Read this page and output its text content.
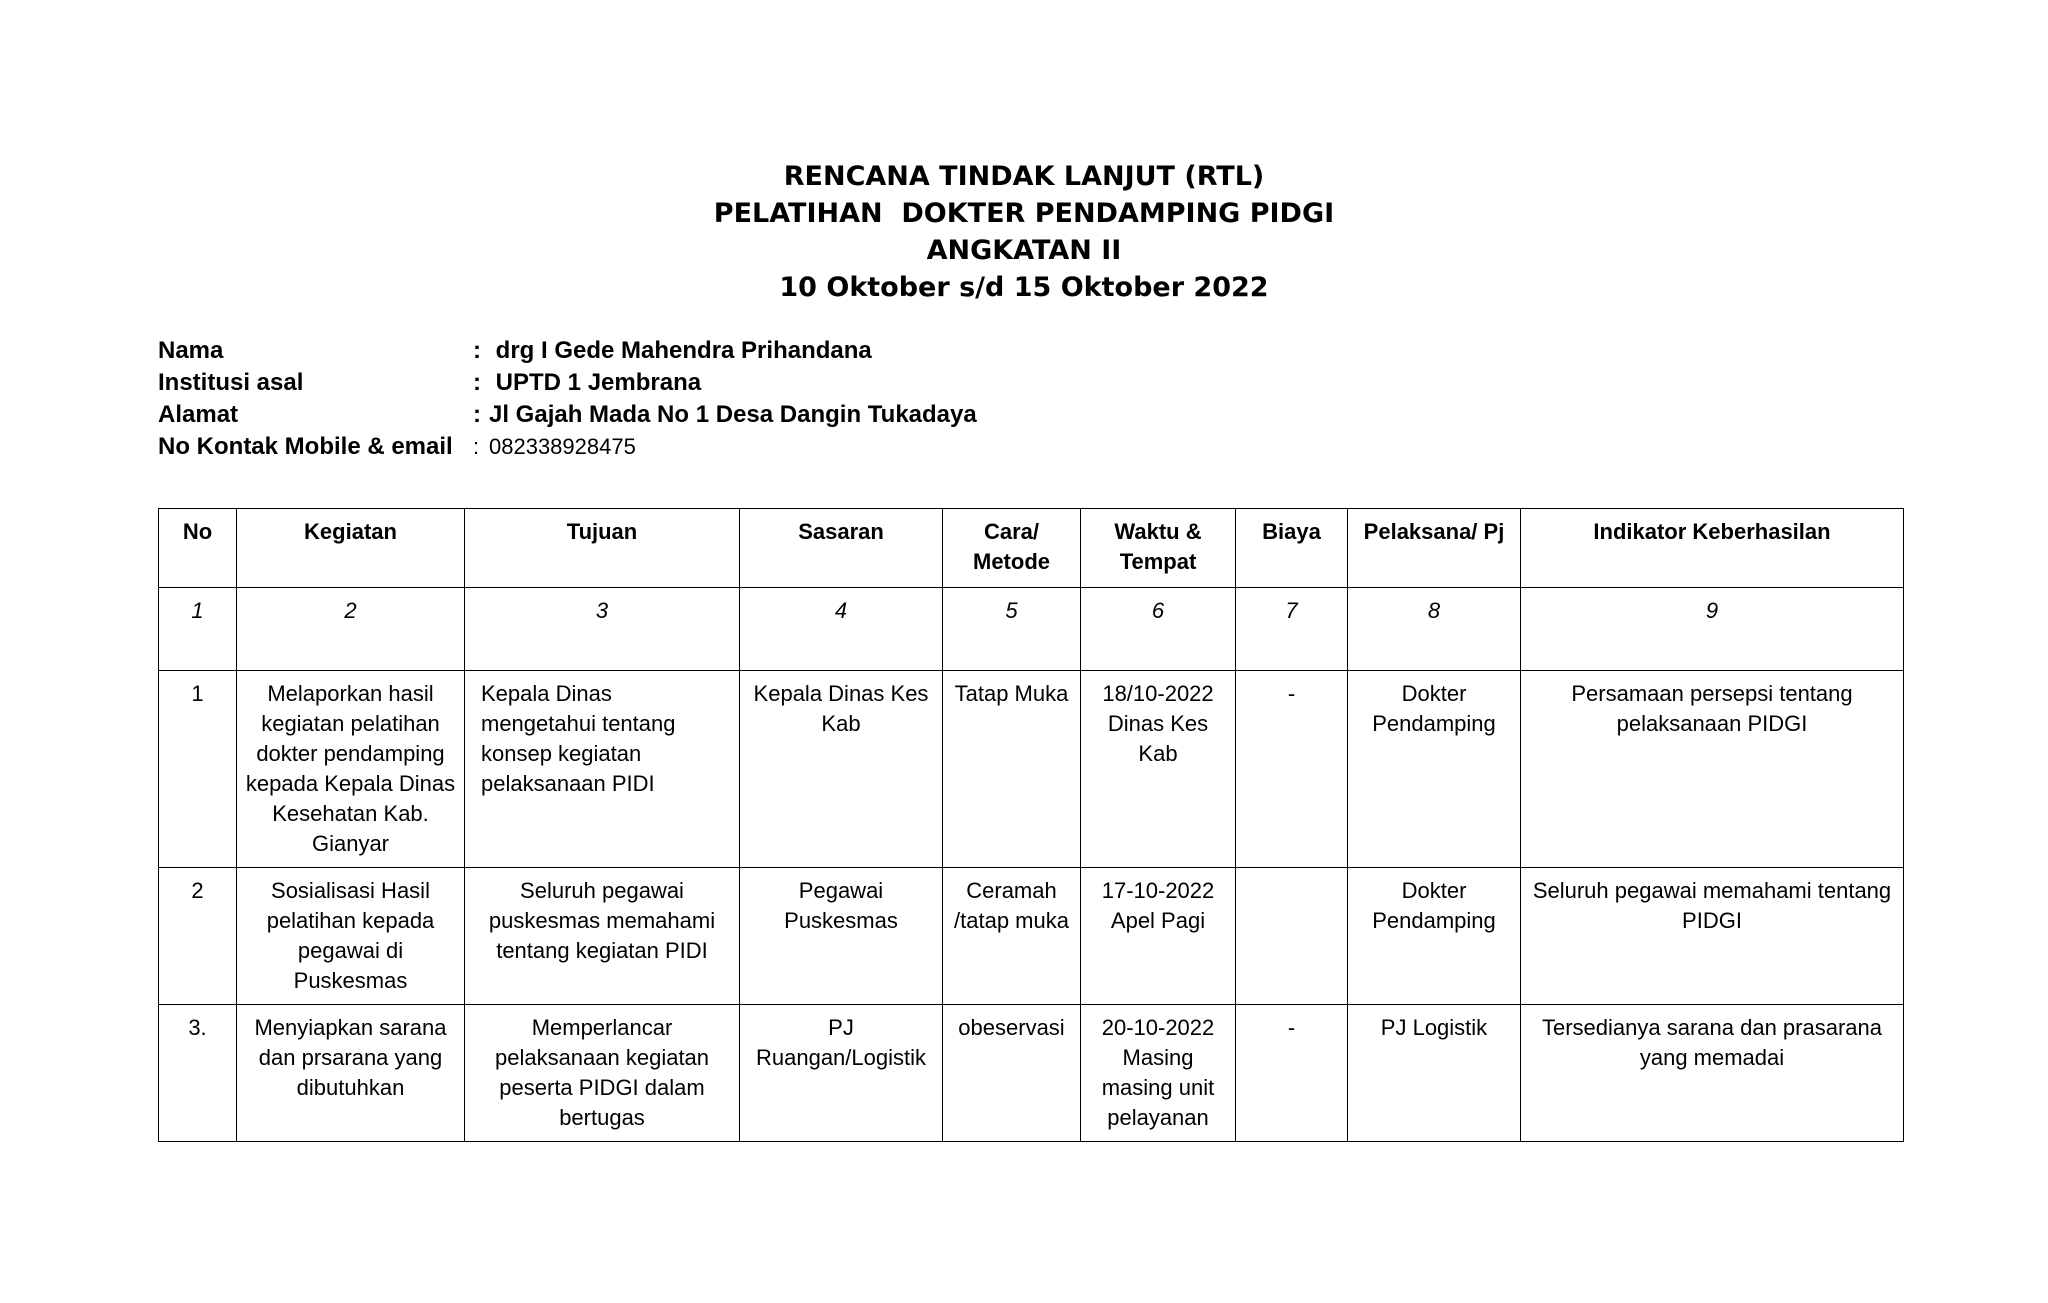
RENCANA TINDAK LANJUT (RTL)
PELATIHAN  DOKTER PENDAMPING PIDGI
ANGKATAN II
10 Oktober s/d 15 Oktober 2022
Nama	: drg I Gede Mahendra Prihandana
Institusi asal	: UPTD 1 Jembrana
Alamat	: Jl Gajah Mada No 1 Desa Dangin Tukadaya
No Kontak Mobile & email : 082338928475
No	Kegiatan	Tujuan	Sasaran	Cara/ Metode	Waktu & Tempat	Biaya	Pelaksana/ Pj	Indikator Keberhasilan
1	2	3	4	5	6	7	8	9
1	Melaporkan hasil kegiatan pelatihan dokter pendamping kepada Kepala Dinas Kesehatan Kab. Gianyar	Kepala Dinas mengetahui tentang konsep kegiatan pelaksanaan PIDI	Kepala Dinas Kes Kab	Tatap Muka	18/10-2022 Dinas Kes Kab	-	Dokter Pendamping	Persamaan persepsi tentang pelaksanaan PIDGI
2	Sosialisasi Hasil pelatihan kepada pegawai di Puskesmas	Seluruh pegawai puskesmas memahami tentang kegiatan PIDI	Pegawai Puskesmas	Ceramah /tatap muka	17-10-2022 Apel Pagi		Dokter Pendamping	Seluruh pegawai memahami tentang PIDGI
3.	Menyiapkan sarana dan prsarana yang dibutuhkan	Memperlancar pelaksanaan kegiatan peserta PIDGI dalam bertugas	PJ Ruangan/Logistik	obeservasi	20-10-2022 Masing masing unit pelayanan	-	PJ Logistik	Tersedianya sarana dan prasarana yang memadai
